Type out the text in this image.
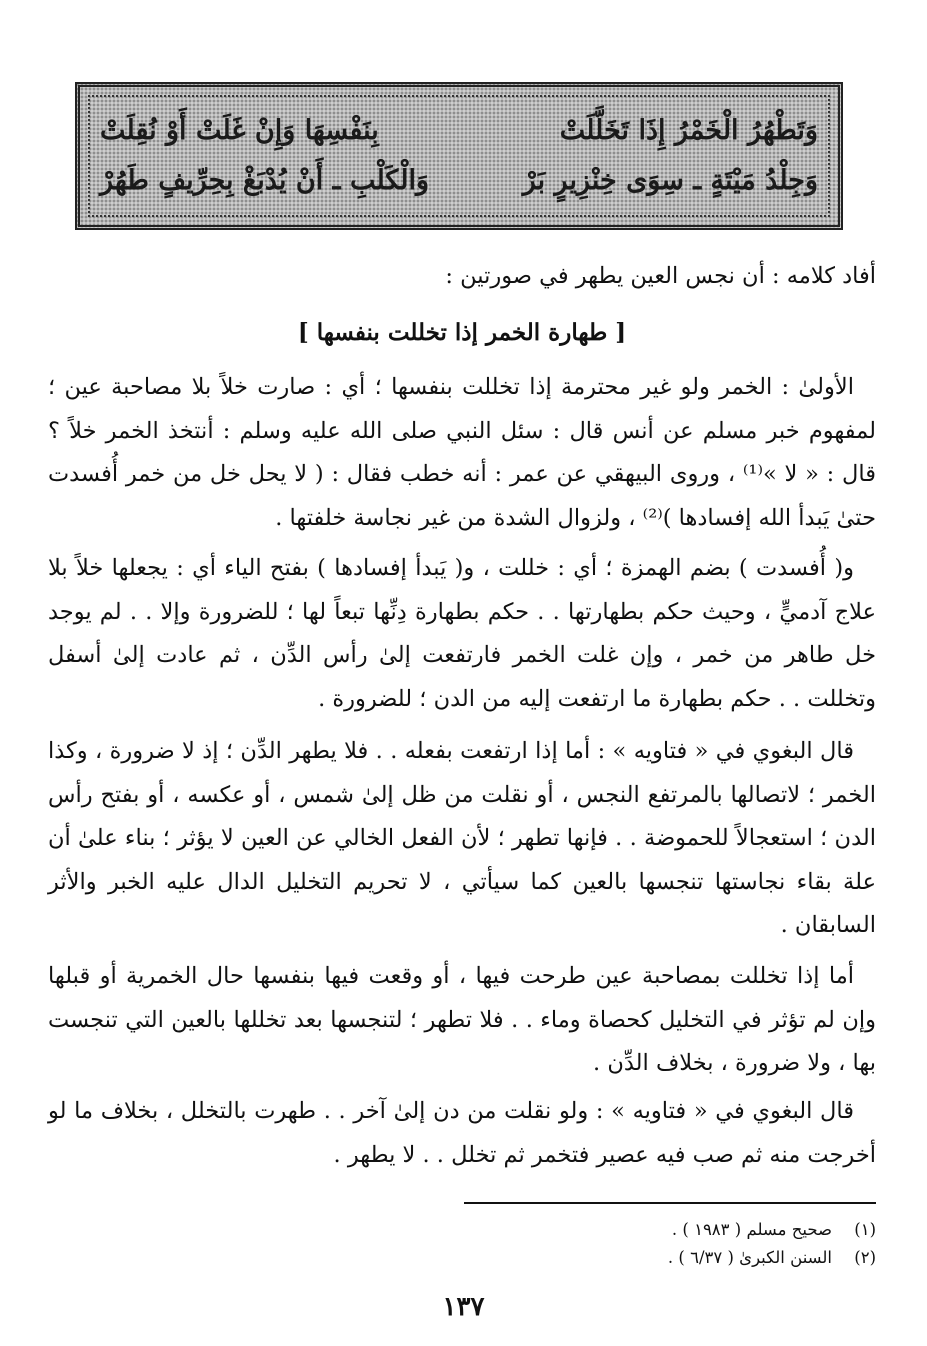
وَتَطْهُرُ الْخَمْرُ إِذَا تَخَلَّلَتْ
بِنَفْسِهَا وَإِنْ غَلَتْ أَوْ نُقِلَتْ
وَجِلْدُ مَيْتَةٍ ـ سِوَى خِنْزِيرٍ بَرْ
وَالْكَلْبِ ـ أَنْ يُدْبَغْ بِحِرِّيفٍ طَهُرْ
أفاد كلامه : أن نجس العين يطهر في صورتين :
[ طهارة الخمر إذا تخللت بنفسها ]
الأولىٰ : الخمر ولو غير محترمة إذا تخللت بنفسها ؛ أي : صارت خلاً بلا مصاحبة عين ؛ لمفهوم خبر مسلم عن أنس قال : سئل النبي صلى الله عليه وسلم : أنتخذ الخمر خلاً ؟ قال : « لا »⁽¹⁾ ، وروى البيهقي عن عمر : أنه خطب فقال : ( لا يحل خل من خمر أُفسدت حتىٰ يَبدأ الله إفسادها )⁽²⁾ ، ولزوال الشدة من غير نجاسة خلفتها .
و( أُفسدت ) بضم الهمزة ؛ أي : خللت ، و( يَبدأ إفسادها ) بفتح الياء أي : يجعلها خلاً بلا علاج آدميٍّ ، وحيث حكم بطهارتها . . حكم بطهارة دِنِّها تبعاً لها ؛ للضرورة وإلا . . لم يوجد خل طاهر من خمر ، وإن غلت الخمر فارتفعت إلىٰ رأس الدِّن ، ثم عادت إلىٰ أسفل وتخللت . . حكم بطهارة ما ارتفعت إليه من الدن ؛ للضرورة .
قال البغوي في « فتاويه » : أما إذا ارتفعت بفعله . . فلا يطهر الدِّن ؛ إذ لا ضرورة ، وكذا الخمر ؛ لاتصالها بالمرتفع النجس ، أو نقلت من ظل إلىٰ شمس ، أو عكسه ، أو بفتح رأس الدن ؛ استعجالاً للحموضة . . فإنها تطهر ؛ لأن الفعل الخالي عن العين لا يؤثر ؛ بناء علىٰ أن علة بقاء نجاستها تنجسها بالعين كما سيأتي ، لا تحريم التخليل الدال عليه الخبر والأثر السابقان .
أما إذا تخللت بمصاحبة عين طرحت فيها ، أو وقعت فيها بنفسها حال الخمرية أو قبلها وإن لم تؤثر في التخليل كحصاة وماء . . فلا تطهر ؛ لتنجسها بعد تخللها بالعين التي تنجست بها ، ولا ضرورة ، بخلاف الدِّن .
قال البغوي في « فتاويه » : ولو نقلت من دن إلىٰ آخر . . طهرت بالتخلل ، بخلاف ما لو أخرجت منه ثم صب فيه عصير فتخمر ثم تخلل . . لا يطهر .
(١)
صحيح مسلم ( ١٩٨٣ ) .
(٢)
السنن الكبرىٰ ( ٦/٣٧ ) .
١٣٧
